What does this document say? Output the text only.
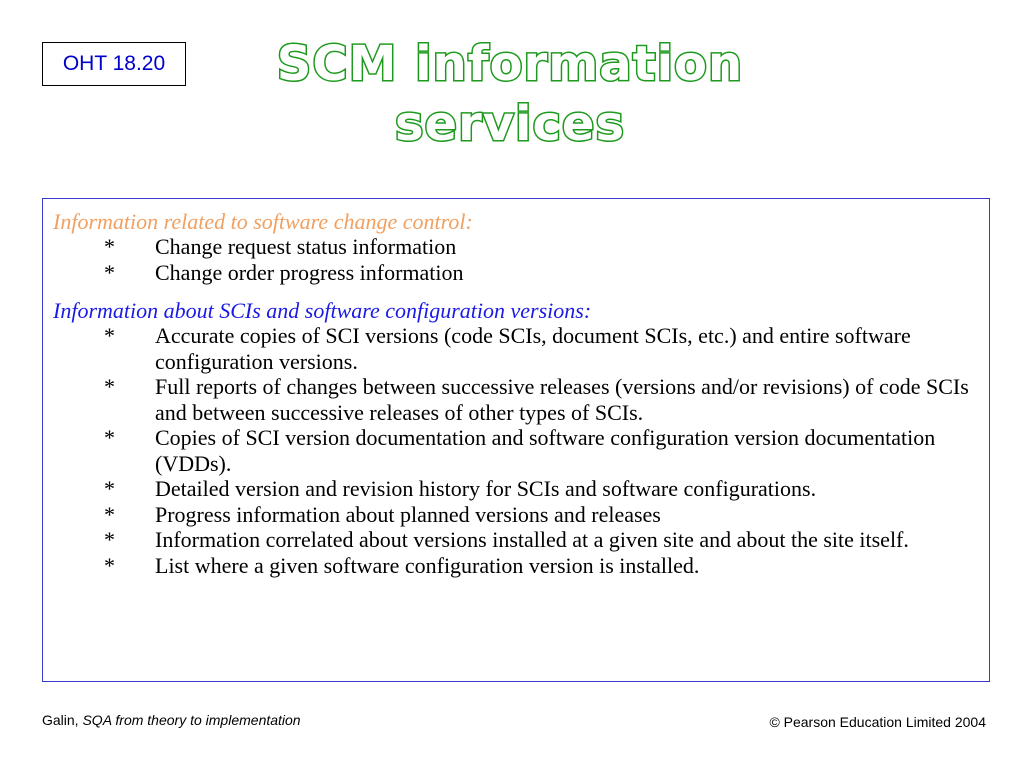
OHT 18.20	SCM information
services

Information related to software change control:

* Change request status information
* Change order progress information

Information about SCIs and software configuration versions:

* Accurate copies of SCI versions (code SCIs, document SCIs, etc.) and entire software configuration versions.
* Full reports of changes between successive releases (versions and/or revisions) of code SCIs and between successive releases of other types of SCIs.
* Copies of SCI version documentation and software configuration version documentation (VDDs).
* Detailed version and revision history for SCIs and software configurations.
* Progress information about planned versions and releases
* Information correlated about versions installed at a given site and about the site itself.
* List where a given software configuration version is installed.
Galin, SQA from theory to implementation	© Pearson Education Limited 2004
